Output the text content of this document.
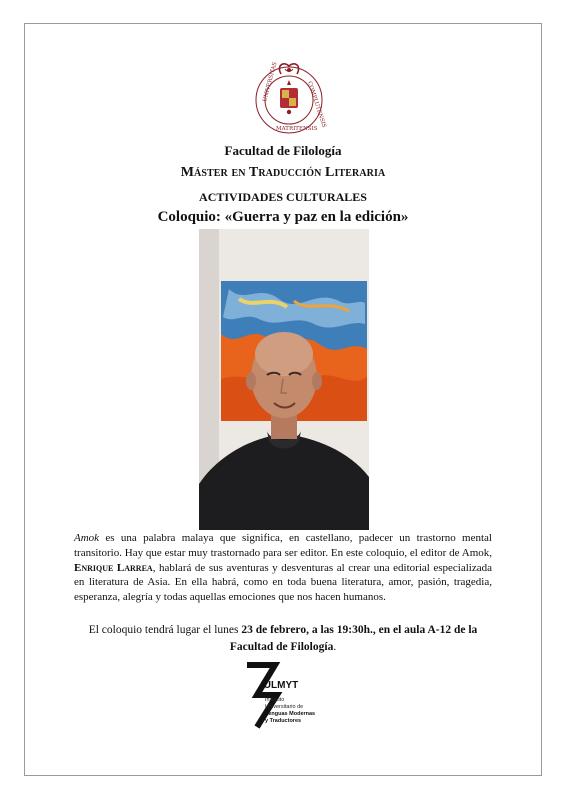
UNIVERSITAS	COMPLUTENSIS
MATRITENSIS
Facultad de Filología
Máster en Traducción Literaria
ACTIVIDADES CULTURALES
Coloquio: «Guerra y paz en la edición»
Amok es una palabra malaya que significa, en castellano, padecer un trastorno mental transitorio. Hay que estar muy trastornado para ser editor. En este coloquio, el editor de Amok, Enrique Larrea, hablará de sus aventuras y desventuras al crear una editorial especializada en literatura de Asia. En ella habrá, como en toda buena literatura, amor, pasión, tragedia, esperanza, alegría y todas aquellas emociones que nos hacen humanos.
El coloquio tendrá lugar el lunes 23 de febrero, a las 19:30h., en el aula A-12 de la Facultad de Filología.
IULMYT
Instituto
Universitario de
Lenguas Modernas
y Traductores
